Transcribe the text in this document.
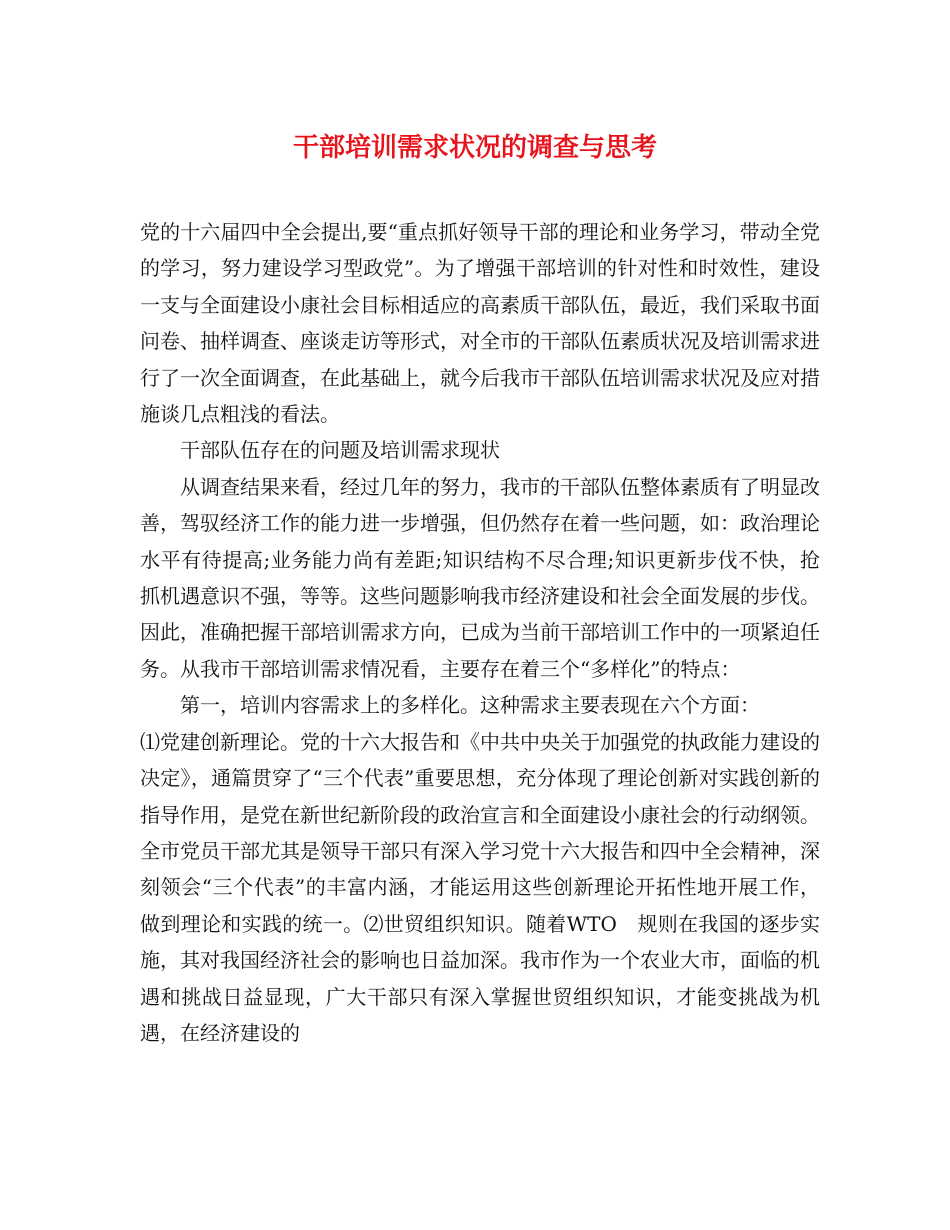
干部培训需求状况的调查与思考

党的十六届四中全会提出,要“重点抓好领导干部的理论和业务学习，带动全党的学习，努力建设学习型政党”。为了增强干部培训的针对性和时效性，建设一支与全面建设小康社会目标相适应的高素质干部队伍，最近，我们采取书面问卷、抽样调查、座谈走访等形式，对全市的干部队伍素质状况及培训需求进行了一次全面调查，在此基础上，就今后我市干部队伍培训需求状况及应对措施谈几点粗浅的看法。

干部队伍存在的问题及培训需求现状

从调查结果来看，经过几年的努力，我市的干部队伍整体素质有了明显改善，驾驭经济工作的能力进一步增强，但仍然存在着一些问题，如：政治理论水平有待提高;业务能力尚有差距;知识结构不尽合理;知识更新步伐不快，抢抓机遇意识不强，等等。这些问题影响我市经济建设和社会全面发展的步伐。因此，准确把握干部培训需求方向，已成为当前干部培训工作中的一项紧迫任务。从我市干部培训需求情况看，主要存在着三个“多样化”的特点：

第一，培训内容需求上的多样化。这种需求主要表现在六个方面：

⑴党建创新理论。党的十六大报告和《中共中央关于加强党的执政能力建设的决定》，通篇贯穿了“三个代表”重要思想，充分体现了理论创新对实践创新的指导作用，是党在新世纪新阶段的政治宣言和全面建设小康社会的行动纲领。全市党员干部尤其是领导干部只有深入学习党十六大报告和四中全会精神，深刻领会“三个代表”的丰富内涵，才能运用这些创新理论开拓性地开展工作，做到理论和实践的统一。⑵世贸组织知识。随着WTO　规则在我国的逐步实施，其对我国经济社会的影响也日益加深。我市作为一个农业大市，面临的机遇和挑战日益显现，广大干部只有深入掌握世贸组织知识，才能变挑战为机遇，在经济建设的
